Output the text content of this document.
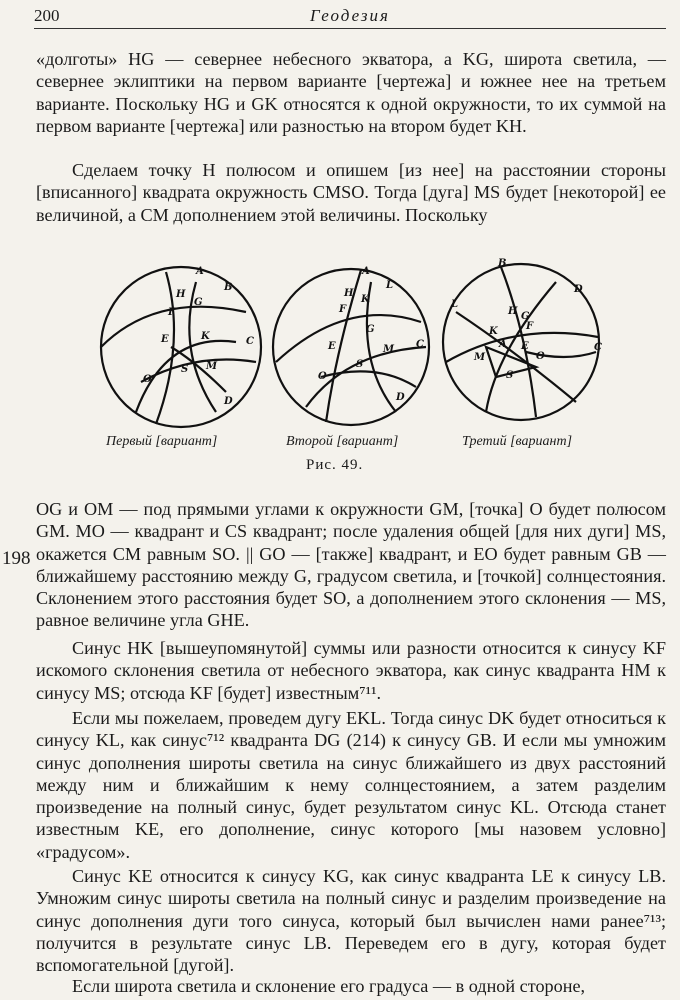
200	Геодезия

«долготы» HG — севернее небесного экватора, а KG, широта светила, — севернее эклиптики на первом варианте [чертежа] и южнее нее на третьем варианте. Поскольку HG и GK относятся к одной окружности, то их суммой на первом варианте [чертежа] или разностью на втором будет KH.

Сделаем точку H полюсом и опишем [из нее] на расстоянии стороны [вписанного] квадрата окружность CMSO. Тогда [дуга] MS будет [некоторой] ее величиной, а CM дополнением этой величины. Поскольку

A
B
H
G
F
K
E	C
S M
O
D
A
L
H
K
F
G
E	C
M
S
O
D
B
D
L
H G
K	F
E
A
M	O
C
S
Первый [вариант]	Второй [вариант]	Третий [вариант]
Рис. 49.
198

OG и OM — под прямыми углами к окружности GM, [точка] O будет полюсом GM. MO — квадрант и CS квадрант; после удаления общей [для них дуги] MS, окажется CM равным SO. || GO — [также] квадрант, и EO будет равным GB — ближайшему расстоянию между G, градусом светила, и [точкой] солнцестояния. Склонением этого расстояния будет SO, а дополнением этого склонения — MS, равное величине угла GHE.

Синус HK [вышеупомянутой] суммы или разности относится к синусу KF искомого склонения светила от небесного экватора, как синус квадранта HM к синусу MS; отсюда KF [будет] известным⁷¹¹.

Если мы пожелаем, проведем дугу EKL. Тогда синус DK будет относиться к синусу KL, как синус⁷¹² квадранта DG (214) к синусу GB. И если мы умножим синус дополнения широты светила на синус ближайшего из двух расстояний между ним и ближайшим к нему солнцестоянием, а затем разделим произведение на полный синус, будет результатом синус KL. Отсюда станет известным KE, его дополнение, синус которого [мы назовем условно] «градусом».

Синус KE относится к синусу KG, как синус квадранта LE к синусу LB. Умножим синус широты светила на полный синус и разделим произведение на синус дополнения дуги того синуса, который был вычислен нами ранее⁷¹³; получится в результате синус LB. Переведем его в дугу, которая будет вспомогательной [дугой].

Если широта светила и склонение его градуса — в одной стороне,
